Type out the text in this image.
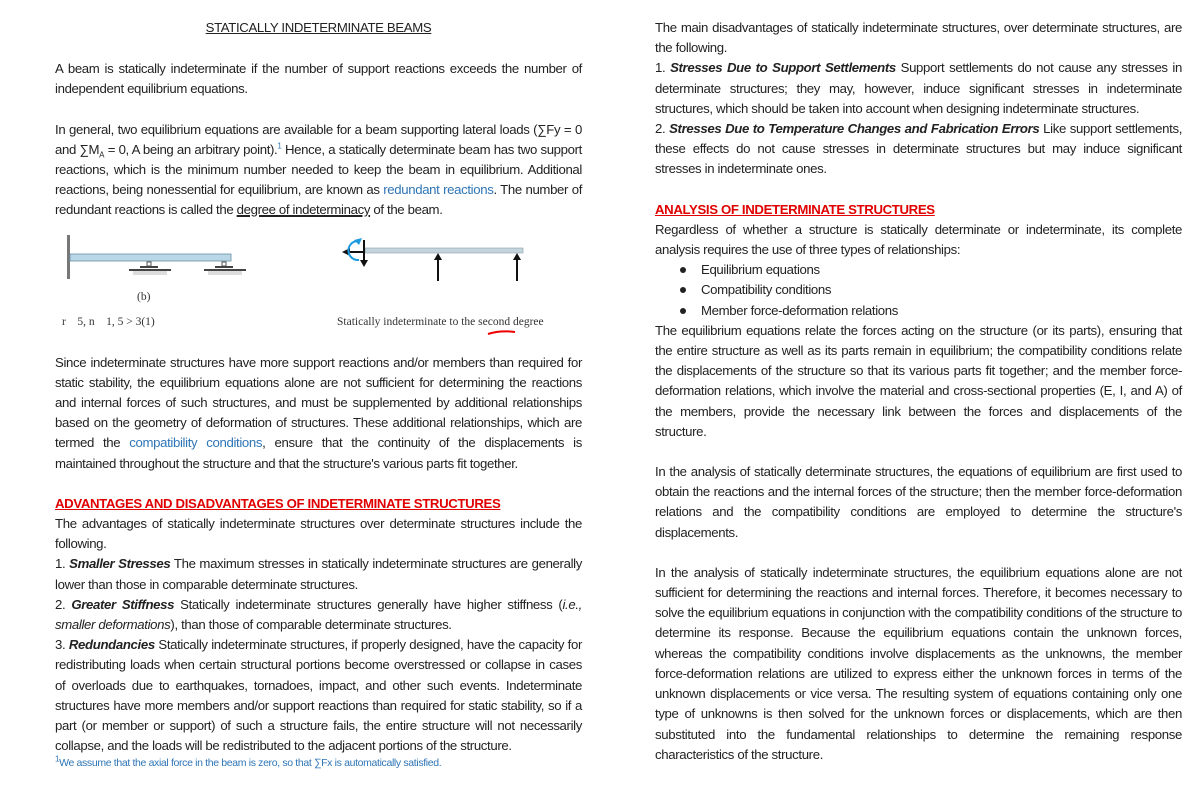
STATICALLY INDETERMINATE BEAMS

A beam is statically indeterminate if the number of support reactions exceeds the number of independent equilibrium equations.

In general, two equilibrium equations are available for a beam supporting lateral loads (∑Fy = 0 and $\sum M_A = 0$, A being an arbitrary point).$^1$ Hence, a statically determinate beam has two support reactions, which is the minimum number needed to keep the beam in equilibrium. Additional reactions, being nonessential for equilibrium, are known as redundant reactions. The number of redundant reactions is called the degree of indeterminacy of the beam.

(b)
r    5, n    1, 5 > 3(1)	Statically indeterminate to the second degree

Since indeterminate structures have more support reactions and/or members than required for static stability, the equilibrium equations alone are not sufficient for determining the reactions and internal forces of such structures, and must be supplemented by additional relationships based on the geometry of deformation of structures. These additional relationships, which are termed the compatibility conditions, ensure that the continuity of the displacements is maintained throughout the structure and that the structure's various parts fit together.

ADVANTAGES AND DISADVANTAGES OF INDETERMINATE STRUCTURES

The advantages of statically indeterminate structures over determinate structures include the following.

1. Smaller Stresses The maximum stresses in statically indeterminate structures are generally lower than those in comparable determinate structures.

2. Greater Stiffness Statically indeterminate structures generally have higher stiffness (i.e., smaller deformations), than those of comparable determinate structures.

3. Redundancies Statically indeterminate structures, if properly designed, have the capacity for redistributing loads when certain structural portions become overstressed or collapse in cases of overloads due to earthquakes, tornadoes, impact, and other such events. Indeterminate structures have more members and/or support reactions than required for static stability, so if a part (or member or support) of such a structure fails, the entire structure will not necessarily collapse, and the loads will be redistributed to the adjacent portions of the structure.

$^1$We assume that the axial force in the beam is zero, so that ∑Fx is automatically satisfied.

The main disadvantages of statically indeterminate structures, over determinate structures, are the following.

1. Stresses Due to Support Settlements Support settlements do not cause any stresses in determinate structures; they may, however, induce significant stresses in indeterminate structures, which should be taken into account when designing indeterminate structures.

2. Stresses Due to Temperature Changes and Fabrication Errors Like support settlements, these effects do not cause stresses in determinate structures but may induce significant stresses in indeterminate ones.

ANALYSIS OF INDETERMINATE STRUCTURES

Regardless of whether a structure is statically determinate or indeterminate, its complete analysis requires the use of three types of relationships:

Equilibrium equations
Compatibility conditions
Member force-deformation relations

The equilibrium equations relate the forces acting on the structure (or its parts), ensuring that the entire structure as well as its parts remain in equilibrium; the compatibility conditions relate the displacements of the structure so that its various parts fit together; and the member force-deformation relations, which involve the material and cross-sectional properties (E, I, and A) of the members, provide the necessary link between the forces and displacements of the structure.

In the analysis of statically determinate structures, the equations of equilibrium are first used to obtain the reactions and the internal forces of the structure; then the member force-deformation relations and the compatibility conditions are employed to determine the structure's displacements.

In the analysis of statically indeterminate structures, the equilibrium equations alone are not sufficient for determining the reactions and internal forces. Therefore, it becomes necessary to solve the equilibrium equations in conjunction with the compatibility conditions of the structure to determine its response. Because the equilibrium equations contain the unknown forces, whereas the compatibility conditions involve displacements as the unknowns, the member force-deformation relations are utilized to express either the unknown forces in terms of the unknown displacements or vice versa. The resulting system of equations containing only one type of unknowns is then solved for the unknown forces or displacements, which are then substituted into the fundamental relationships to determine the remaining response characteristics of the structure.
